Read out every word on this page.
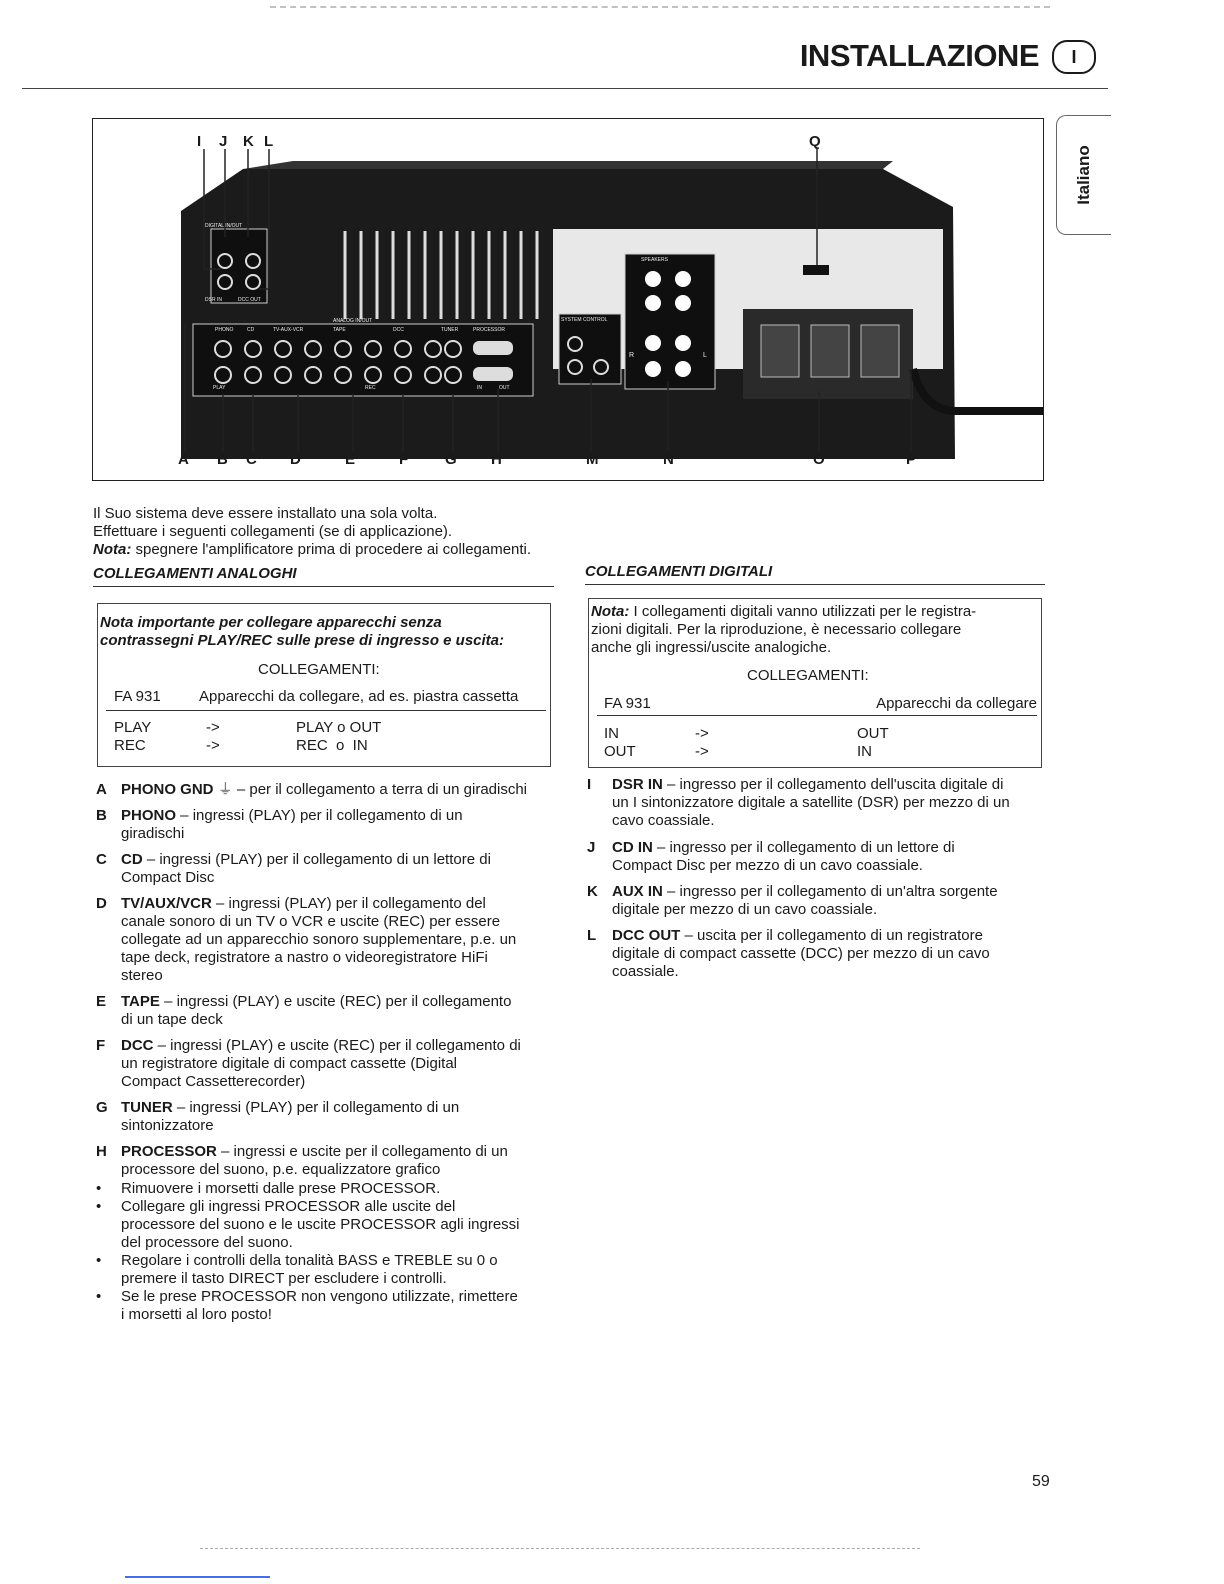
INSTALLAZIONE	I
Italiano
I J K L	Q
A B C D	E	F G H	M	N	O	P
DIGITAL IN/OUT
DSR IN	DCC OUT
ANALOG IN/OUT
PHONO	CD	TV-AUX-VCR	TAPE	DCC	TUNER	PROCESSOR
PLAY	REC	IN	OUT
SYSTEM CONTROL
SPEAKERS
R	L
Il Suo sistema deve essere installato una sola volta.
Effettuare i seguenti collegamenti (se di applicazione).
Nota: spegnere l'amplificatore prima di procedere ai collegamenti.
COLLEGAMENTI ANALOGHI
Nota importante per collegare apparecchi senza
contrassegni PLAY/REC sulle prese di ingresso e uscita:
COLLEGAMENTI:
FA 931	Apparecchi da collegare, ad es. piastra cassetta
PLAY	->	PLAY o OUT
REC	->	REC  o  IN
A PHONO GND ⏚ – per il collegamento a terra di un giradischi
B PHONO – ingressi (PLAY) per il collegamento di un
giradischi
C CD – ingressi (PLAY) per il collegamento di un lettore di
Compact Disc
D TV/AUX/VCR – ingressi (PLAY) per il collegamento del
canale sonoro di un TV o VCR e uscite (REC) per essere
collegate ad un apparecchio sonoro supplementare, p.e. un
tape deck, registratore a nastro o videoregistratore HiFi
stereo
E TAPE – ingressi (PLAY) e uscite (REC) per il collegamento
di un tape deck
F DCC – ingressi (PLAY) e uscite (REC) per il collegamento di
un registratore digitale di compact cassette (Digital
Compact Cassetterecorder)
G TUNER – ingressi (PLAY) per il collegamento di un
sintonizzatore
H PROCESSOR – ingressi e uscite per il collegamento di un
processore del suono, p.e. equalizzatore grafico
• Rimuovere i morsetti dalle prese PROCESSOR.
• Collegare gli ingressi PROCESSOR alle uscite del
processore del suono e le uscite PROCESSOR agli ingressi
del processore del suono.
• Regolare i controlli della tonalità BASS e TREBLE su 0 o
premere il tasto DIRECT per escludere i controlli.
• Se le prese PROCESSOR non vengono utilizzate, rimettere
i morsetti al loro posto!
COLLEGAMENTI DIGITALI
Nota: I collegamenti digitali vanno utilizzati per le registra-
zioni digitali. Per la riproduzione, è necessario collegare
anche gli ingressi/uscite analogiche.
COLLEGAMENTI:
FA 931	Apparecchi da collegare
IN	->	OUT
OUT	->	IN
I DSR IN – ingresso per il collegamento dell'uscita digitale di
un I sintonizzatore digitale a satellite (DSR) per mezzo di un
cavo coassiale.
J CD IN – ingresso per il collegamento di un lettore di
Compact Disc per mezzo di un cavo coassiale.
K AUX IN – ingresso per il collegamento di un'altra sorgente
digitale per mezzo di un cavo coassiale.
L DCC OUT – uscita per il collegamento di un registratore
digitale di compact cassette (DCC) per mezzo di un cavo
coassiale.
59
